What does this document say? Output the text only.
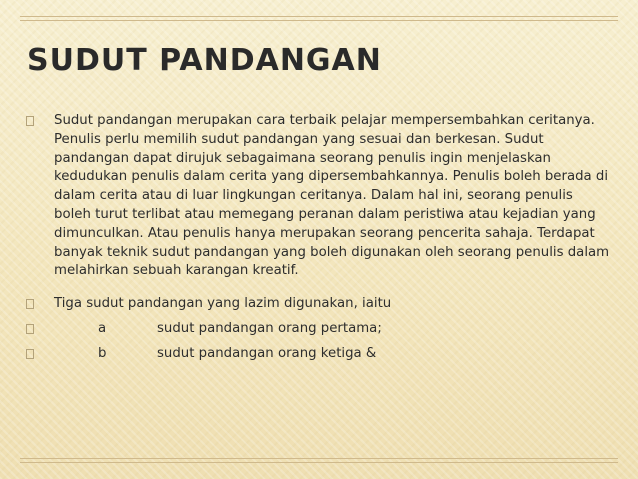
SUDUT PANDANGAN

Sudut pandangan merupakan cara terbaik pelajar mempersembahkan ceritanya. Penulis perlu memilih sudut pandangan yang sesuai dan berkesan. Sudut pandangan dapat dirujuk sebagaimana seorang penulis ingin menjelaskan kedudukan penulis dalam cerita yang dipersembahkannya. Penulis boleh berada di dalam cerita atau di luar lingkungan ceritanya. Dalam hal ini, seorang penulis boleh turut terlibat atau memegang peranan dalam peristiwa atau kejadian yang dimunculkan. Atau penulis hanya merupakan seorang pencerita sahaja. Terdapat banyak teknik sudut pandangan yang boleh digunakan oleh seorang penulis dalam melahirkan sebuah karangan kreatif.

Tiga sudut pandangan yang lazim digunakan, iaitu

a	sudut pandangan orang pertama;

b	sudut pandangan orang ketiga &
